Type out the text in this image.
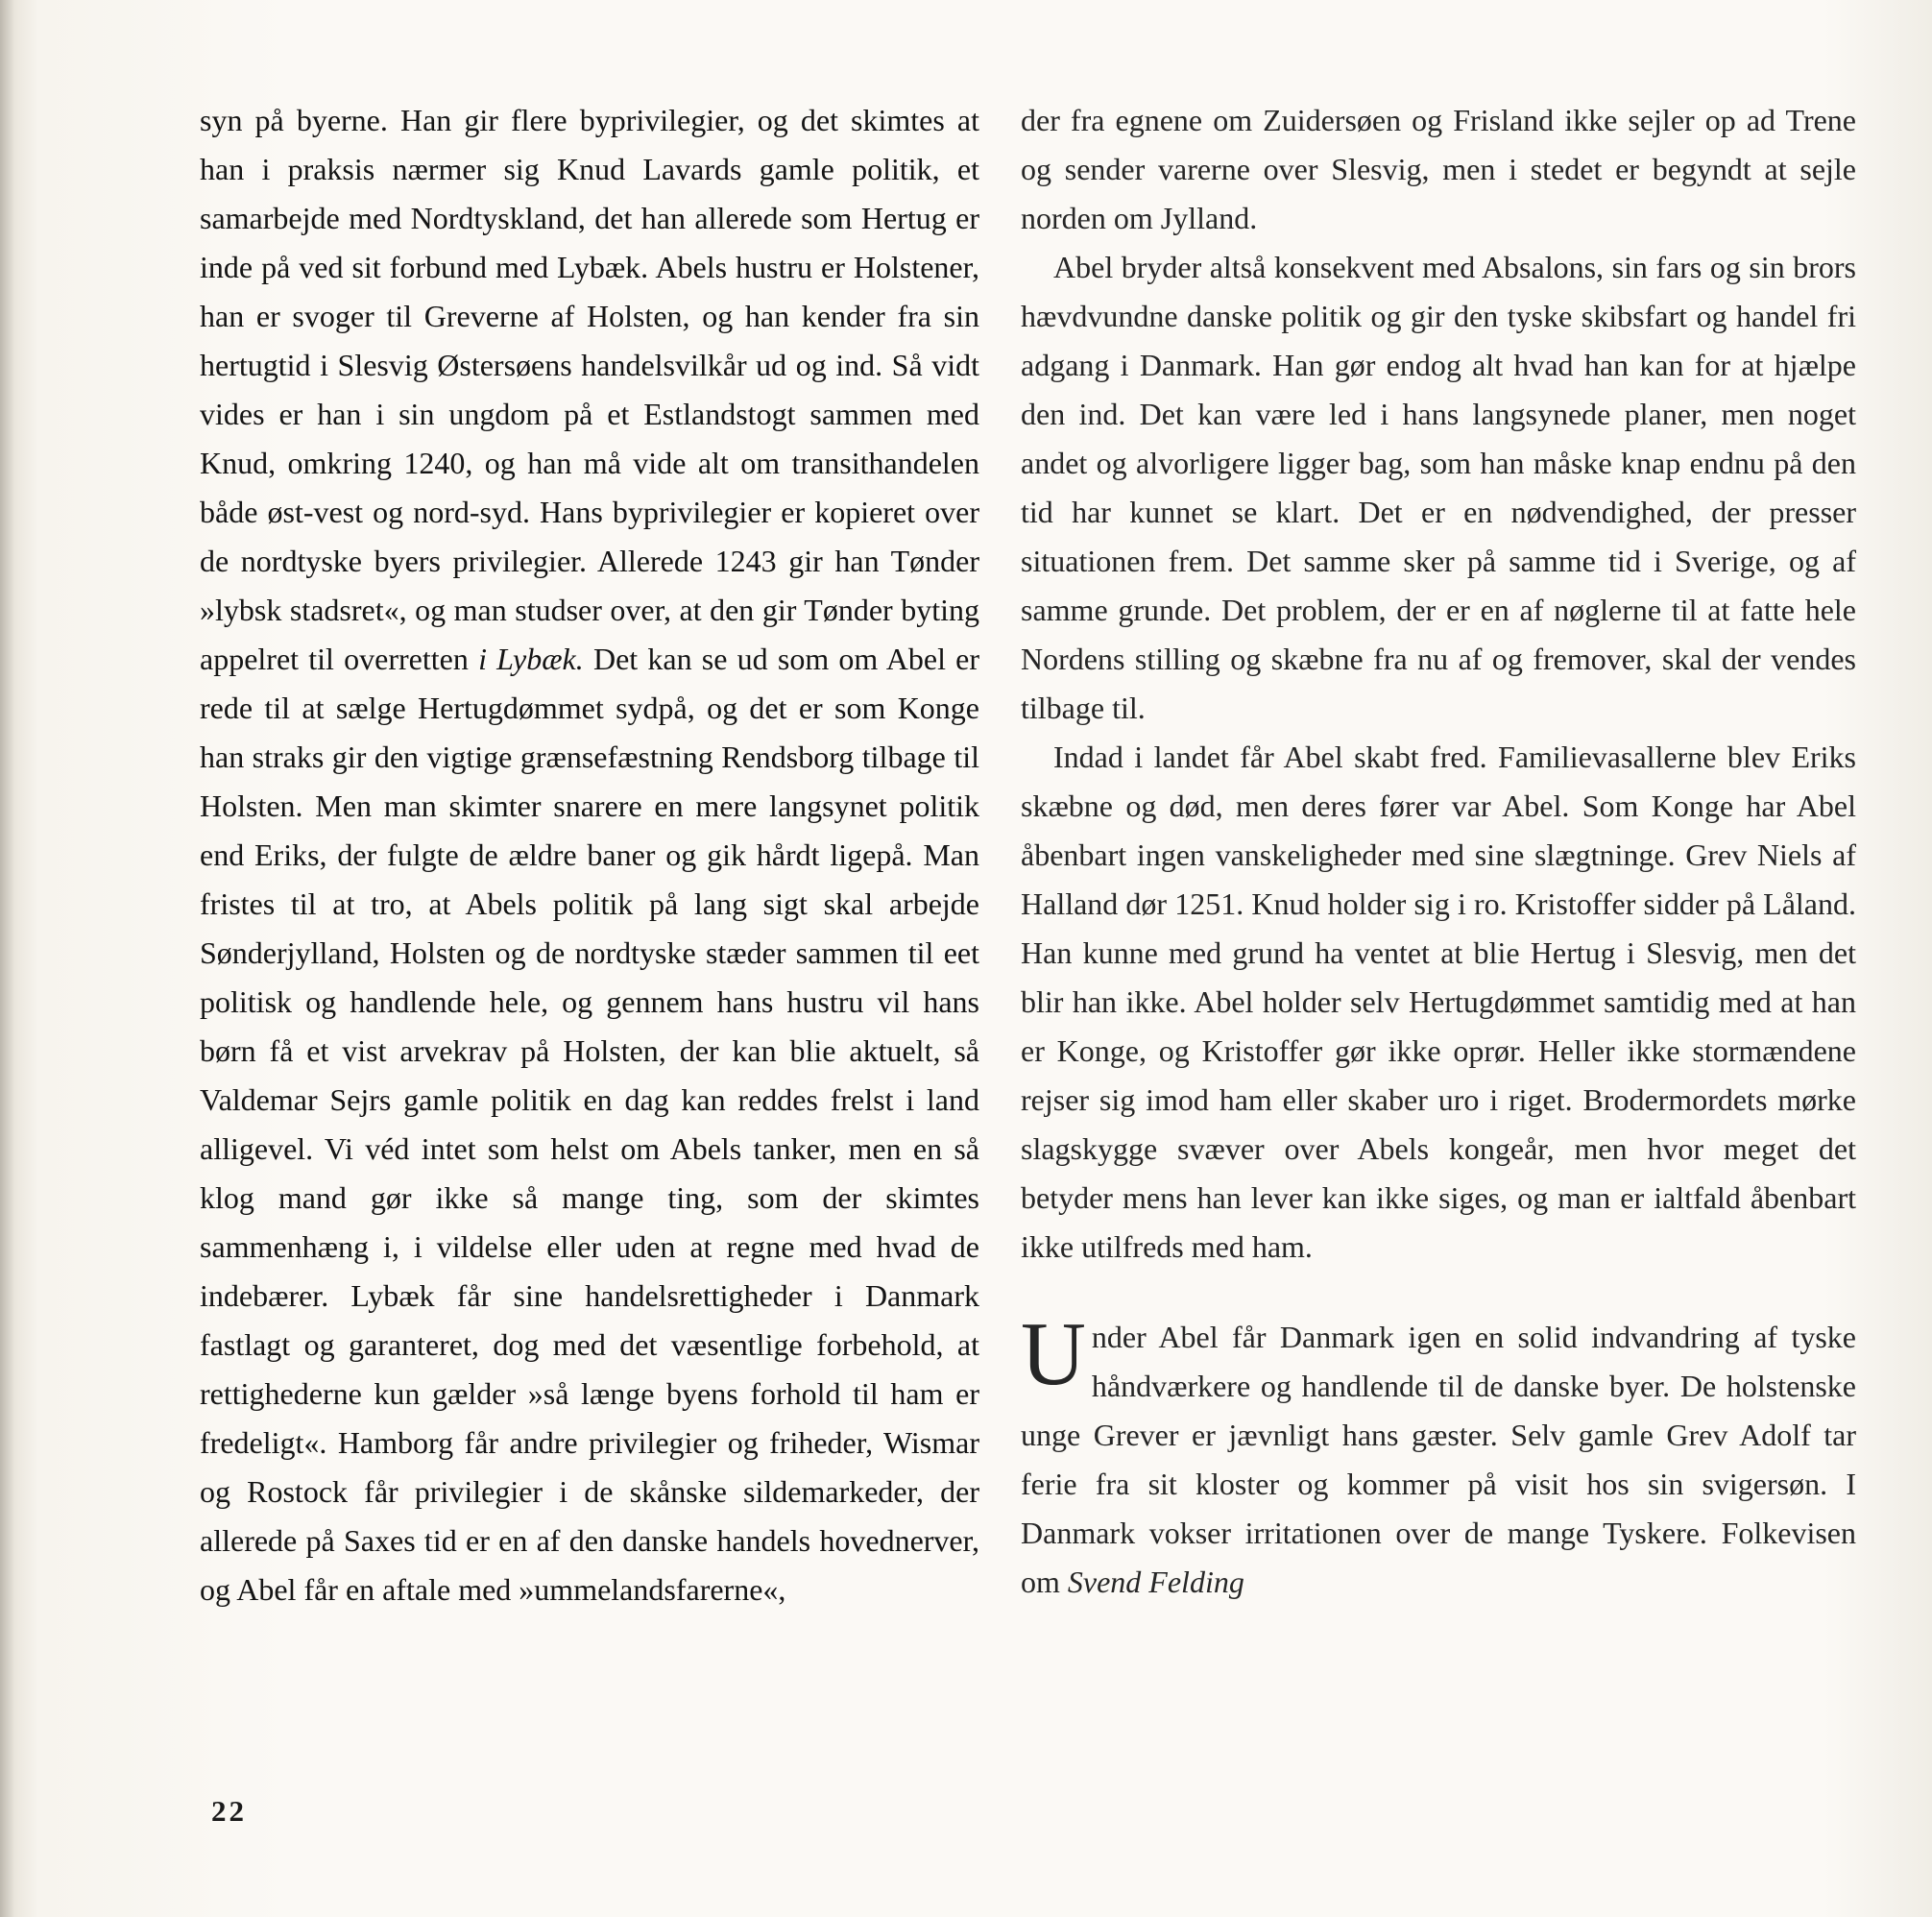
syn på byerne. Han gir flere byprivilegier, og det skimtes at han i praksis nærmer sig Knud Lavards gamle politik, et samarbejde med Nordtyskland, det han allerede som Hertug er inde på ved sit forbund med Lybæk. Abels hustru er Holstener, han er svoger til Greverne af Holsten, og han kender fra sin hertugtid i Slesvig Østersøens handelsvilkår ud og ind. Så vidt vides er han i sin ungdom på et Estlandstogt sammen med Knud, omkring 1240, og han må vide alt om transithandelen både øst-vest og nord-syd. Hans byprivilegier er kopieret over de nordtyske byers privilegier. Allerede 1243 gir han Tønder »lybsk stadsret«, og man studser over, at den gir Tønder byting appelret til overretten i Lybæk. Det kan se ud som om Abel er rede til at sælge Hertugdømmet sydpå, og det er som Konge han straks gir den vigtige grænsefæstning Rendsborg tilbage til Holsten. Men man skimter snarere en mere langsynet politik end Eriks, der fulgte de ældre baner og gik hårdt ligepå. Man fristes til at tro, at Abels politik på lang sigt skal arbejde Sønderjylland, Holsten og de nordtyske stæder sammen til eet politisk og handlende hele, og gennem hans hustru vil hans børn få et vist arvekrav på Holsten, der kan blie aktuelt, så Valdemar Sejrs gamle politik en dag kan reddes frelst i land alligevel. Vi véd intet som helst om Abels tanker, men en så klog mand gør ikke så mange ting, som der skimtes sammenhæng i, i vildelse eller uden at regne med hvad de indebærer. Lybæk får sine handelsrettigheder i Danmark fastlagt og garanteret, dog med det væsentlige forbehold, at rettighederne kun gælder »så længe byens forhold til ham er fredeligt«. Hamborg får andre privilegier og friheder, Wismar og Rostock får privilegier i de skånske sildemarkeder, der allerede på Saxes tid er en af den danske handels hovednerver, og Abel får en aftale med »ummelandsfarerne«,

der fra egnene om Zuidersøen og Frisland ikke sejler op ad Trene og sender varerne over Slesvig, men i stedet er begyndt at sejle norden om Jylland.

Abel bryder altså konsekvent med Absalons, sin fars og sin brors hævdvundne danske politik og gir den tyske skibsfart og handel fri adgang i Danmark. Han gør endog alt hvad han kan for at hjælpe den ind. Det kan være led i hans langsynede planer, men noget andet og alvorligere ligger bag, som han måske knap endnu på den tid har kunnet se klart. Det er en nødvendighed, der presser situationen frem. Det samme sker på samme tid i Sverige, og af samme grunde. Det problem, der er en af nøglerne til at fatte hele Nordens stilling og skæbne fra nu af og fremover, skal der vendes tilbage til.

Indad i landet får Abel skabt fred. Familievasallerne blev Eriks skæbne og død, men deres fører var Abel. Som Konge har Abel åbenbart ingen vanskeligheder med sine slægtninge. Grev Niels af Halland dør 1251. Knud holder sig i ro. Kristoffer sidder på Låland. Han kunne med grund ha ventet at blie Hertug i Slesvig, men det blir han ikke. Abel holder selv Hertugdømmet samtidig med at han er Konge, og Kristoffer gør ikke oprør. Heller ikke stormændene rejser sig imod ham eller skaber uro i riget. Brodermordets mørke slagskygge svæver over Abels kongeår, men hvor meget det betyder mens han lever kan ikke siges, og man er ialtfald åbenbart ikke utilfreds med ham.

Under Abel får Danmark igen en solid indvandring af tyske håndværkere og handlende til de danske byer. De holstenske unge Grever er jævnligt hans gæster. Selv gamle Grev Adolf tar ferie fra sit kloster og kommer på visit hos sin svigersøn. I Danmark vokser irritationen over de mange Tyskere. Folkevisen om Svend Felding

22
